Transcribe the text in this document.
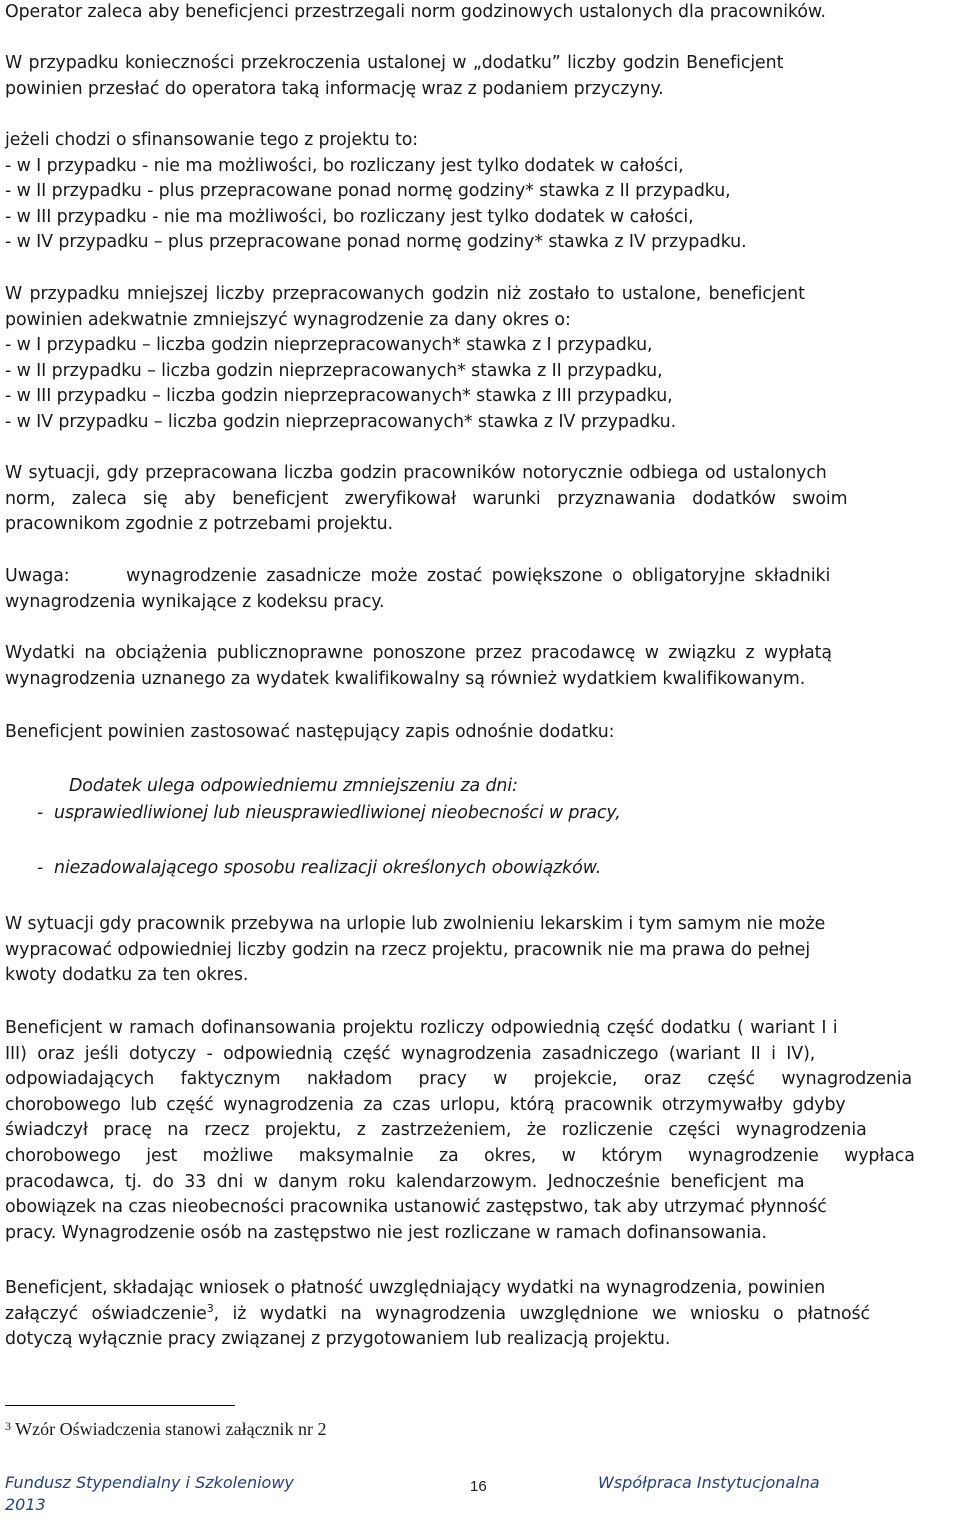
Operator zaleca aby beneficjenci przestrzegali norm godzinowych ustalonych dla pracowników.

W przypadku konieczności przekroczenia ustalonej w „dodatku” liczby godzin Beneficjent
powinien przesłać do operatora taką informację wraz z podaniem przyczyny.

jeżeli chodzi o sfinansowanie tego z projektu to:
- w I przypadku - nie ma możliwości, bo rozliczany jest tylko dodatek w całości,
- w II przypadku - plus przepracowane ponad normę godziny* stawka z II przypadku,
- w III przypadku - nie ma możliwości, bo rozliczany jest tylko dodatek w całości,
- w IV przypadku – plus przepracowane ponad normę godziny* stawka z IV przypadku.

W przypadku mniejszej liczby przepracowanych godzin niż zostało to ustalone, beneficjent
powinien adekwatnie zmniejszyć wynagrodzenie za dany okres o:
- w I przypadku – liczba godzin nieprzepracowanych* stawka z I przypadku,
- w II przypadku – liczba godzin nieprzepracowanych* stawka z II przypadku,
- w III przypadku – liczba godzin nieprzepracowanych* stawka z III przypadku,
- w IV przypadku – liczba godzin nieprzepracowanych* stawka z IV przypadku.

W sytuacji, gdy przepracowana liczba godzin pracowników notorycznie odbiega od ustalonych
norm, zaleca się aby beneficjent zweryfikował warunki przyznawania dodatków swoim
pracownikom zgodnie z potrzebami projektu.

Uwaga:      wynagrodzenie zasadnicze może zostać powiększone o obligatoryjne składniki
wynagrodzenia wynikające z kodeksu pracy.

Wydatki na obciążenia publicznoprawne ponoszone przez pracodawcę w związku z wypłatą
wynagrodzenia uznanego za wydatek kwalifikowalny są również wydatkiem kwalifikowanym.

Beneficjent powinien zastosować następujący zapis odnośnie dodatku:

Dodatek ulega odpowiedniemu zmniejszeniu za dni:

-  usprawiedliwionej lub nieusprawiedliwionej nieobecności w pracy,

-  niezadowalającego sposobu realizacji określonych obowiązków.

W sytuacji gdy pracownik przebywa na urlopie lub zwolnieniu lekarskim i tym samym nie może
wypracować odpowiedniej liczby godzin na rzecz projektu, pracownik nie ma prawa do pełnej
kwoty dodatku za ten okres.

Beneficjent w ramach dofinansowania projektu rozliczy odpowiednią część dodatku ( wariant I i
III) oraz jeśli dotyczy - odpowiednią część wynagrodzenia zasadniczego (wariant II i IV),
odpowiadających faktycznym nakładom pracy w projekcie, oraz część wynagrodzenia
chorobowego lub część wynagrodzenia za czas urlopu, którą pracownik otrzymywałby gdyby
świadczył pracę na rzecz projektu, z zastrzeżeniem, że rozliczenie części wynagrodzenia
chorobowego jest możliwe maksymalnie za okres, w którym wynagrodzenie wypłaca
pracodawca, tj. do 33 dni w danym roku kalendarzowym. Jednocześnie beneficjent ma
obowiązek na czas nieobecności pracownika ustanowić zastępstwo, tak aby utrzymać płynność
pracy. Wynagrodzenie osób na zastępstwo nie jest rozliczane w ramach dofinansowania.

Beneficjent, składając wniosek o płatność uwzględniający wydatki na wynagrodzenia, powinien
załączyć oświadczenie$^3$, iż wydatki na wynagrodzenia uwzględnione we wniosku o płatność
dotyczą wyłącznie pracy związanej z przygotowaniem lub realizacją projektu.

$^3$ Wzór Oświadczenia stanowi załącznik nr 2
Fundusz Stypendialny i Szkoleniowy
2013
16	Współpraca Instytucjonalna
